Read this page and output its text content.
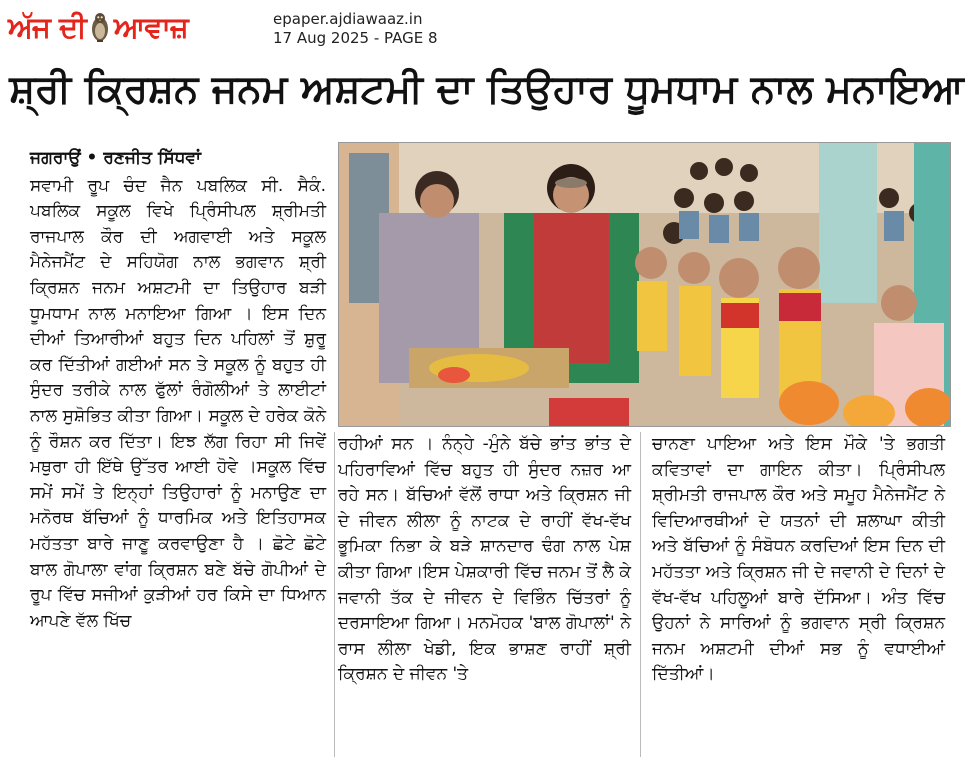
ਅੱਜ ਦੀ ਆਵਾਜ਼	epaper.ajdiawaaz.in
17 Aug 2025 - PAGE 8
ਸ਼੍ਰੀ ਕ੍ਰਿਸ਼ਨ ਜਨਮ ਅਸ਼ਟਮੀ ਦਾ ਤਿਉਹਾਰ ਧੂਮਧਾਮ ਨਾਲ ਮਨਾਇਆ
ਜਗਰਾਉਂ • ਰਣਜੀਤ ਸਿੱਧਵਾਂ

ਸਵਾਮੀ ਰੂਪ ਚੰਦ ਜੈਨ ਪਬਲਿਕ ਸੀ. ਸੈਕੰ. ਪਬਲਿਕ ਸਕੂਲ ਵਿਖੇ ਪ੍ਰਿੰਸੀਪਲ ਸ਼੍ਰੀਮਤੀ ਰਾਜਪਾਲ ਕੌਰ ਦੀ ਅਗਵਾਈ ਅਤੇ ਸਕੂਲ ਮੈਨੇਜਮੈਂਟ ਦੇ ਸਹਿਯੋਗ ਨਾਲ ਭਗਵਾਨ ਸ਼੍ਰੀ ਕ੍ਰਿਸ਼ਨ ਜਨਮ ਅਸ਼ਟਮੀ ਦਾ ਤਿਉਹਾਰ ਬੜੀ ਧੂਮਧਾਮ ਨਾਲ ਮਨਾਇਆ ਗਿਆ । ਇਸ ਦਿਨ ਦੀਆਂ ਤਿਆਰੀਆਂ ਬਹੁਤ ਦਿਨ ਪਹਿਲਾਂ ਤੋਂ ਸ਼ੁਰੂ ਕਰ ਦਿੱਤੀਆਂ ਗਈਆਂ ਸਨ ਤੇ ਸਕੂਲ ਨੂੰ ਬਹੁਤ ਹੀ ਸੁੰਦਰ ਤਰੀਕੇ ਨਾਲ ਫੁੱਲਾਂ ਰੰਗੋਲੀਆਂ ਤੇ ਲਾਈਟਾਂ ਨਾਲ ਸੁਸ਼ੋਭਿਤ ਕੀਤਾ ਗਿਆ। ਸਕੂਲ ਦੇ ਹਰੇਕ ਕੋਨੇ ਨੂੰ ਰੌਸ਼ਨ ਕਰ ਦਿੱਤਾ। ਇਝ ਲੱਗ ਰਿਹਾ ਸੀ ਜਿਵੇਂ ਮਥੁਰਾ ਹੀ ਇੱਥੇ ਉੱਤਰ ਆਈ ਹੋਵੇ ।ਸਕੂਲ ਵਿੱਚ ਸਮੇਂ ਸਮੇਂ ਤੇ ਇਨ੍ਹਾਂ ਤਿਉਹਾਰਾਂ ਨੂੰ ਮਨਾਉਣ ਦਾ ਮਨੋਰਥ ਬੱਚਿਆਂ ਨੂੰ ਧਾਰਮਿਕ ਅਤੇ ਇਤਿਹਾਸਕ ਮਹੱਤਤਾ ਬਾਰੇ ਜਾਣੂ ਕਰਵਾਉਣਾ ਹੈ । ਛੋਟੇ ਛੋਟੇ ਬਾਲ ਗੋਪਾਲਾ ਵਾਂਗ ਕ੍ਰਿਸ਼ਨ ਬਣੇ ਬੱਚੇ ਗੋਪੀਆਂ ਦੇ ਰੂਪ ਵਿੱਚ ਸਜੀਆਂ ਕੁੜੀਆਂ ਹਰ ਕਿਸੇ ਦਾ ਧਿਆਨ ਆਪਣੇ ਵੱਲ ਖਿੱਚ

ਰਹੀਆਂ ਸਨ । ਨੰਨ੍ਹੇ -ਮੁੰਨੇ ਬੱਚੇ ਭਾਂਤ ਭਾਂਤ ਦੇ ਪਹਿਰਾਵਿਆਂ ਵਿੱਚ ਬਹੁਤ ਹੀ ਸੁੰਦਰ ਨਜ਼ਰ ਆ ਰਹੇ ਸਨ। ਬੱਚਿਆਂ ਵੱਲੋਂ ਰਾਧਾ ਅਤੇ ਕ੍ਰਿਸ਼ਨ ਜੀ ਦੇ ਜੀਵਨ ਲੀਲਾ ਨੂੰ ਨਾਟਕ ਦੇ ਰਾਹੀਂ ਵੱਖ-ਵੱਖ ਭੂਮਿਕਾ ਨਿਭਾ ਕੇ ਬੜੇ ਸ਼ਾਨਦਾਰ ਢੰਗ ਨਾਲ ਪੇਸ਼ ਕੀਤਾ ਗਿਆ।ਇਸ ਪੇਸ਼ਕਾਰੀ ਵਿੱਚ ਜਨਮ ਤੋਂ ਲੈ ਕੇ ਜਵਾਨੀ ਤੱਕ ਦੇ ਜੀਵਨ ਦੇ ਵਿਭਿੰਨ ਚਿੱਤਰਾਂ ਨੂੰ ਦਰਸਾਇਆ ਗਿਆ। ਮਨਮੋਹਕ 'ਬਾਲ ਗੋਪਾਲਾਂ' ਨੇ ਰਾਸ ਲੀਲਾ ਖੇਡੀ, ਇਕ ਭਾਸ਼ਣ ਰਾਹੀਂ ਸ਼੍ਰੀ ਕ੍ਰਿਸ਼ਨ ਦੇ ਜੀਵਨ 'ਤੇ

ਚਾਨਣਾ ਪਾਇਆ ਅਤੇ ਇਸ ਮੌਕੇ 'ਤੇ ਭਗਤੀ ਕਵਿਤਾਵਾਂ ਦਾ ਗਾਇਨ ਕੀਤਾ। ਪ੍ਰਿੰਸੀਪਲ ਸ਼੍ਰੀਮਤੀ ਰਾਜਪਾਲ ਕੌਰ ਅਤੇ ਸਮੂਹ ਮੈਨੇਜਮੈਂਟ ਨੇ ਵਿਦਿਆਰਥੀਆਂ ਦੇ ਯਤਨਾਂ ਦੀ ਸ਼ਲਾਘਾ ਕੀਤੀ ਅਤੇ ਬੱਚਿਆਂ ਨੂੰ ਸੰਬੋਧਨ ਕਰਦਿਆਂ ਇਸ ਦਿਨ ਦੀ ਮਹੱਤਤਾ ਅਤੇ ਕ੍ਰਿਸ਼ਨ ਜੀ ਦੇ ਜਵਾਨੀ ਦੇ ਦਿਨਾਂ ਦੇ ਵੱਖ-ਵੱਖ ਪਹਿਲੂਆਂ ਬਾਰੇ ਦੱਸਿਆ। ਅੰਤ ਵਿੱਚ ਉਹਨਾਂ ਨੇ ਸਾਰਿਆਂ ਨੂੰ ਭਗਵਾਨ ਸ੍ਰੀ ਕ੍ਰਿਸ਼ਨ ਜਨਮ ਅਸ਼ਟਮੀ ਦੀਆਂ ਸਭ ਨੂੰ ਵਧਾਈਆਂ ਦਿੱਤੀਆਂ।
